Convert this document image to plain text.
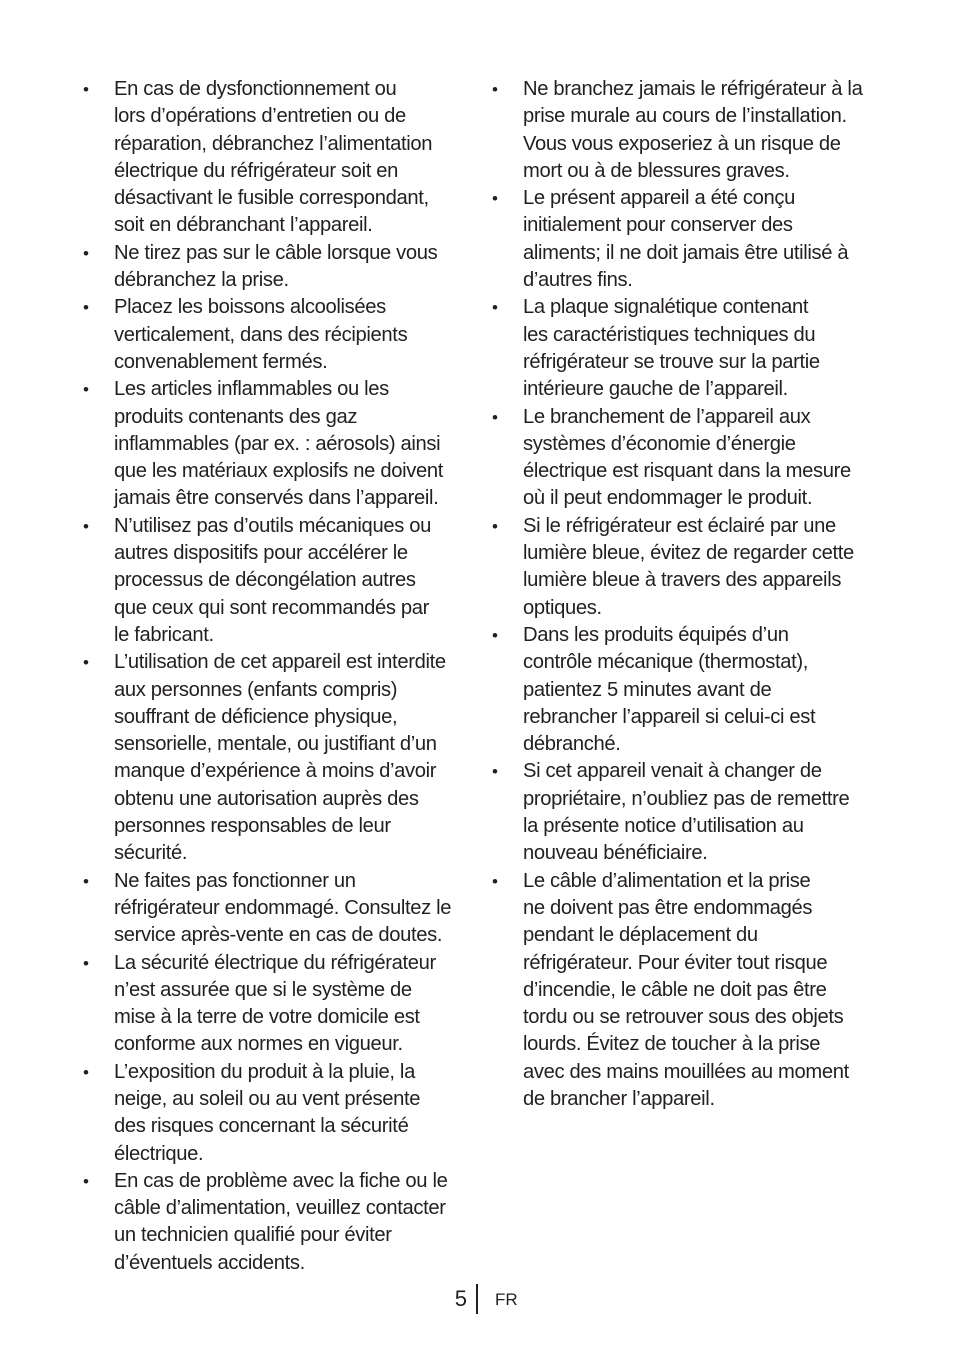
• En cas de dysfonctionnement ou
lors d’opérations d’entretien ou de
réparation, débranchez l’alimentation
électrique du réfrigérateur soit en
désactivant le fusible correspondant,
soit en débranchant l’appareil.
• Ne tirez pas sur le câble lorsque vous
débranchez la prise.
• Placez les boissons alcoolisées
verticalement, dans des récipients
convenablement fermés.
• Les articles inflammables ou les
produits contenants des gaz
inflammables (par ex. : aérosols) ainsi
que les matériaux explosifs ne doivent
jamais être conservés dans l’appareil.
• N’utilisez pas d’outils mécaniques ou
autres dispositifs pour accélérer le
processus de décongélation autres
que ceux qui sont recommandés par
le fabricant.
• L’utilisation de cet appareil est interdite
aux personnes (enfants compris)
souffrant de déficience physique,
sensorielle, mentale, ou justifiant d’un
manque d’expérience à moins d’avoir
obtenu une autorisation auprès des
personnes responsables de leur
sécurité.
• Ne faites pas fonctionner un
réfrigérateur endommagé. Consultez le
service après-vente en cas de doutes.
• La sécurité électrique du réfrigérateur
n’est assurée que si le système de
mise à la terre de votre domicile est
conforme aux normes en vigueur.
• L’exposition du produit à la pluie, la
neige, au soleil ou au vent présente
des risques concernant la sécurité
électrique.
• En cas de problème avec la fiche ou le
câble d’alimentation, veuillez contacter
un technicien qualifié pour éviter
d’éventuels accidents.
• Ne branchez jamais le réfrigérateur à la
prise murale au cours de l’installation.
Vous vous exposeriez à un risque de
mort ou à de blessures graves.
• Le présent appareil a été conçu
initialement pour conserver des
aliments; il ne doit jamais être utilisé à
d’autres fins.
• La plaque signalétique contenant
les caractéristiques techniques du
réfrigérateur se trouve sur la partie
intérieure gauche de l’appareil.
• Le branchement de l’appareil aux
systèmes d’économie d’énergie
électrique est risquant dans la mesure
où il peut endommager le produit.
• Si le réfrigérateur est éclairé par une
lumière bleue, évitez de regarder cette
lumière bleue à travers des appareils
optiques.
• Dans les produits équipés d’un
contrôle mécanique (thermostat),
patientez 5 minutes avant de
rebrancher l’appareil si celui-ci est
débranché.
• Si cet appareil venait à changer de
propriétaire, n’oubliez pas de remettre
la présente notice d’utilisation au
nouveau bénéficiaire.
• Le câble d’alimentation et la prise
ne doivent pas être endommagés
pendant le déplacement du
réfrigérateur. Pour éviter tout risque
d’incendie, le câble ne doit pas être
tordu ou se retrouver sous des objets
lourds. Évitez de toucher à la prise
avec des mains mouillées au moment
de brancher l’appareil.
5 FR
